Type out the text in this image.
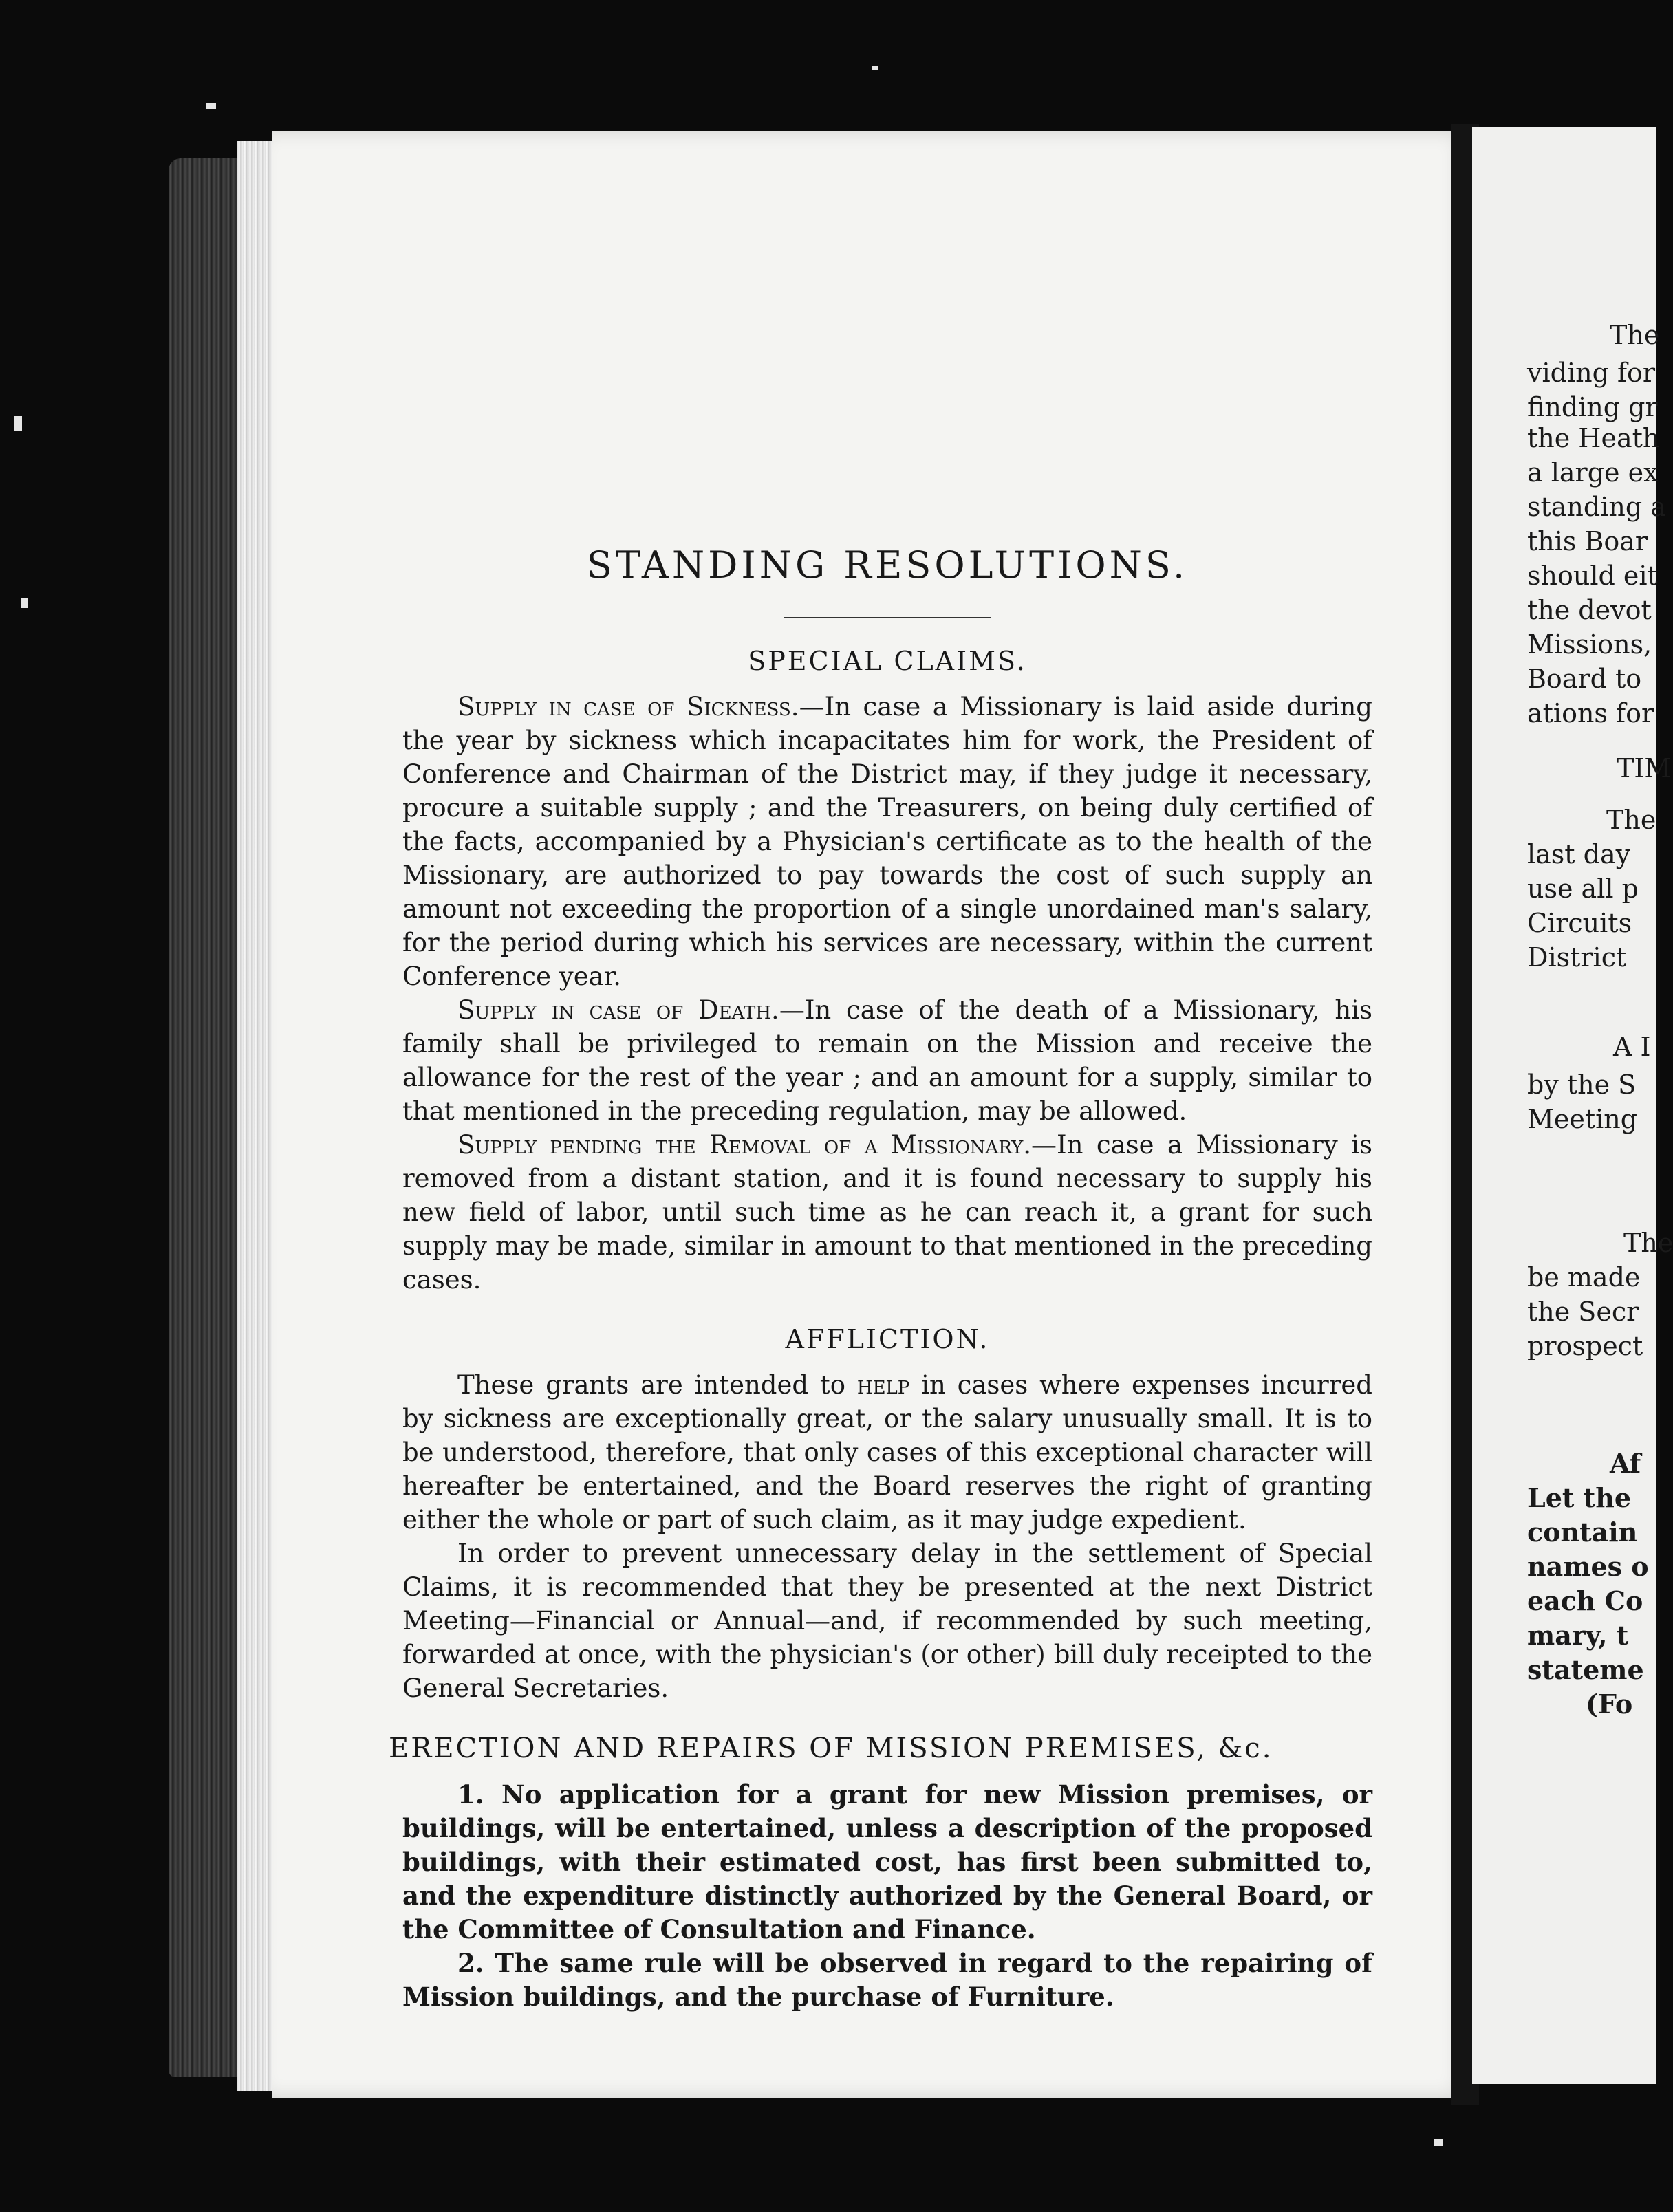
STANDING RESOLUTIONS.
SPECIAL CLAIMS.

Supply in case of Sickness.—In case a Missionary is laid aside during the year by sickness which incapacitates him for work, the President of Conference and Chairman of the District may, if they judge it necessary, procure a suitable supply ; and the Treasurers, on being duly certified of the facts, accompanied by a Physician's certificate as to the health of the Missionary, are authorized to pay towards the cost of such supply an amount not exceeding the proportion of a single unordained man's salary, for the period during which his services are necessary, within the current Conference year.

Supply in case of Death.—In case of the death of a Missionary, his family shall be privileged to remain on the Mission and receive the allowance for the rest of the year ; and an amount for a supply, similar to that mentioned in the preceding regulation, may be allowed.

Supply pending the Removal of a Missionary.—In case a Missionary is removed from a distant station, and it is found necessary to supply his new field of labor, until such time as he can reach it, a grant for such supply may be made, similar in amount to that mentioned in the preceding cases.

AFFLICTION.

These grants are intended to help in cases where expenses incurred by sickness are exceptionally great, or the salary unusually small. It is to be understood, therefore, that only cases of this exceptional character will hereafter be entertained, and the Board reserves the right of granting either the whole or part of such claim, as it may judge expedient.

In order to prevent unnecessary delay in the settlement of Special Claims, it is recommended that they be presented at the next District Meeting—Financial or Annual—and, if recommended by such meeting, forwarded at once, with the physician's (or other) bill duly receipted to the General Secretaries.

ERECTION AND REPAIRS OF MISSION PREMISES, &c.

1. No application for a grant for new Mission premises, or buildings, will be entertained, unless a description of the proposed buildings, with their estimated cost, has first been submitted to, and the expenditure distinctly authorized by the General Board, or the Committee of Consultation and Finance.

2. The same rule will be observed in regard to the repairing of Mission buildings, and the purchase of Furniture.

The
viding for
finding gr
the Heath
a large ex
standing a
this Boar
should eit
the devot
Missions,
Board to
ations for
TIM
The
last day
use all p
Circuits
District
A I
by the S
Meeting
The
be made
the Secr
prospect
Af
Let the
contain
names o
each Co
mary, t
stateme
(Fo
